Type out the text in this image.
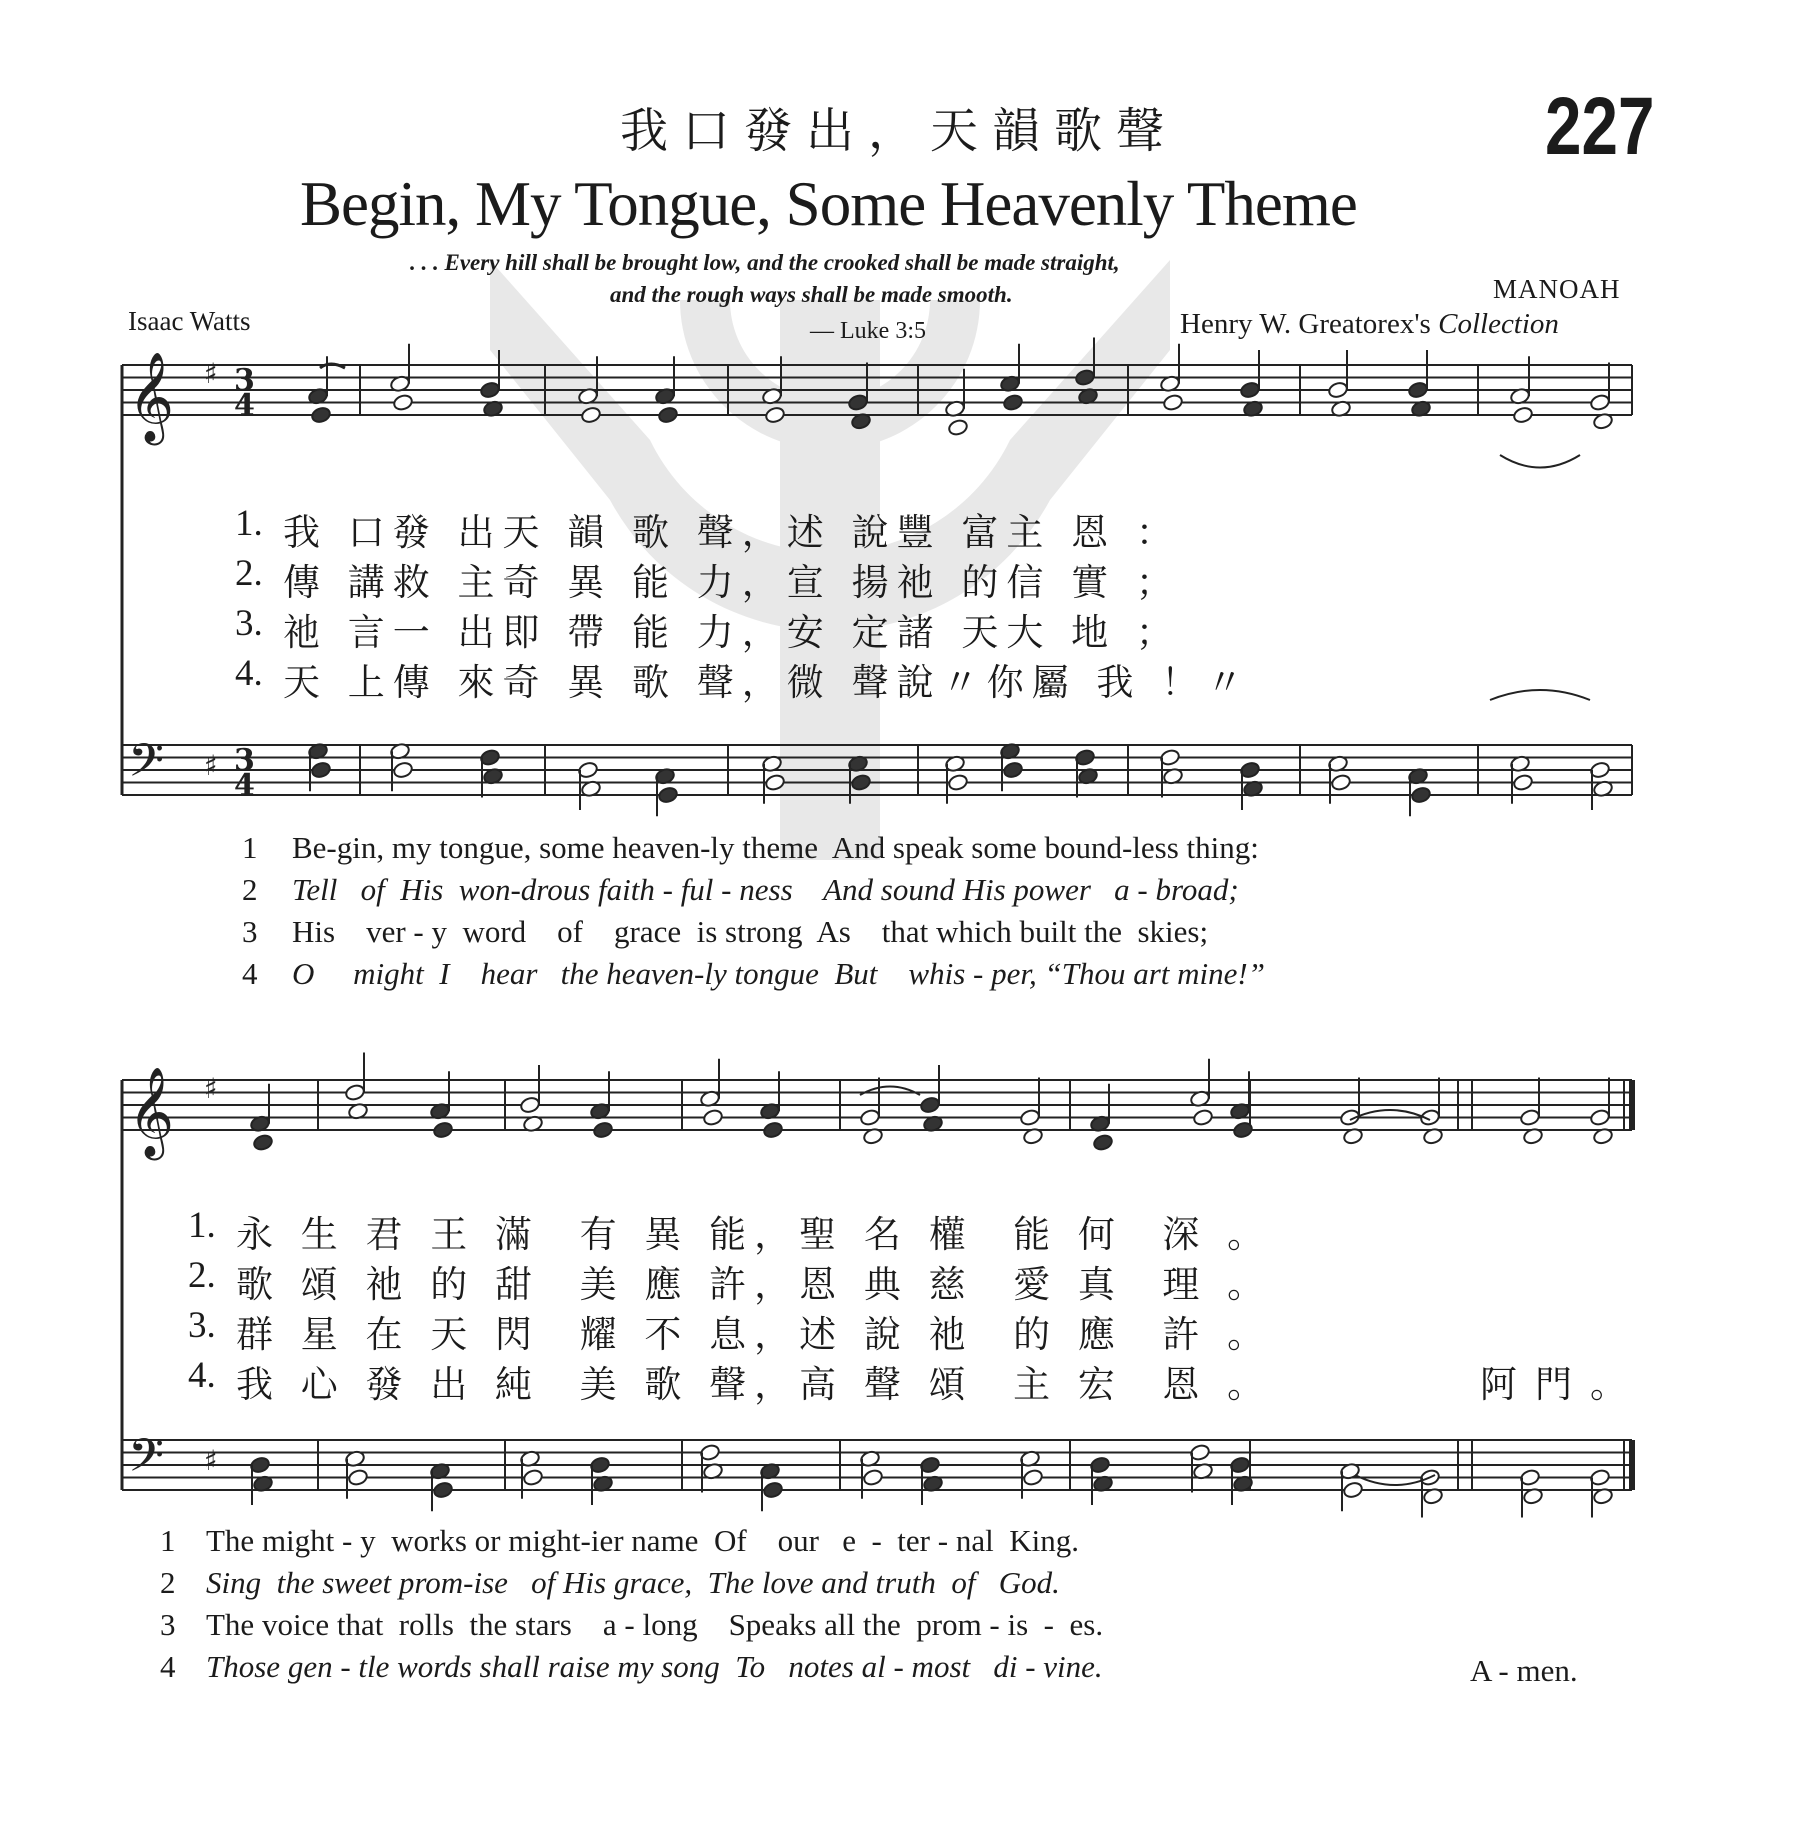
我口發出，天韻歌聲	227
Begin, My Tongue, Some Heavenly Theme
. . . Every hill shall be brought low, and the crooked shall be made straight,
and the rough ways shall be made smooth.
— Luke 3:5
Isaac Watts
MANOAH
Henry W. Greatorex's Collection
𝄞
𝄢
♯
♯
3
4
3
4
𝄞
𝄢
♯
♯
1. 我 口發 出天 韻 歌 聲，述 說豐 富主 恩 ：
2. 傳 講救 主奇 異 能 力，宣 揚祂 的信 實 ；
3. 祂 言一 出即 帶 能 力，安 定諸 天大 地 ；
4. 天 上傳 來奇 異 歌 聲，微 聲說〃你屬 我 ！〃
1 Be-gin, my tongue, some heaven-ly theme  And speak some bound-less thing:
2 Tell   of  His  won-drous faith - ful - ness    And sound His power   a - broad;
3 His    ver - y  word    of    grace  is strong  As    that which built the  skies;
4 O     might  I    hear   the heaven-ly tongue  But    whis - per, “Thou art mine!”
1. 永 生 君 王 滿  有 異 能，聖 名 權  能 何  深 。
2. 歌 頌 祂 的 甜  美 應 許，恩 典 慈  愛 真  理 。
3. 群 星 在 天 閃  耀 不 息，述 說 祂  的 應  許 。
4. 我 心 發 出 純  美 歌 聲，高 聲 頌  主 宏  恩 。	阿門。
1 The might - y  works or might-ier name  Of    our   e  -  ter - nal  King.
2 Sing  the sweet prom-ise   of His grace,  The love and truth  of   God.
3 The voice that  rolls  the stars    a - long    Speaks all the  prom - is  -  es.
4 Those gen - tle words shall raise my song  To   notes al - most   di - vine.	A - men.
